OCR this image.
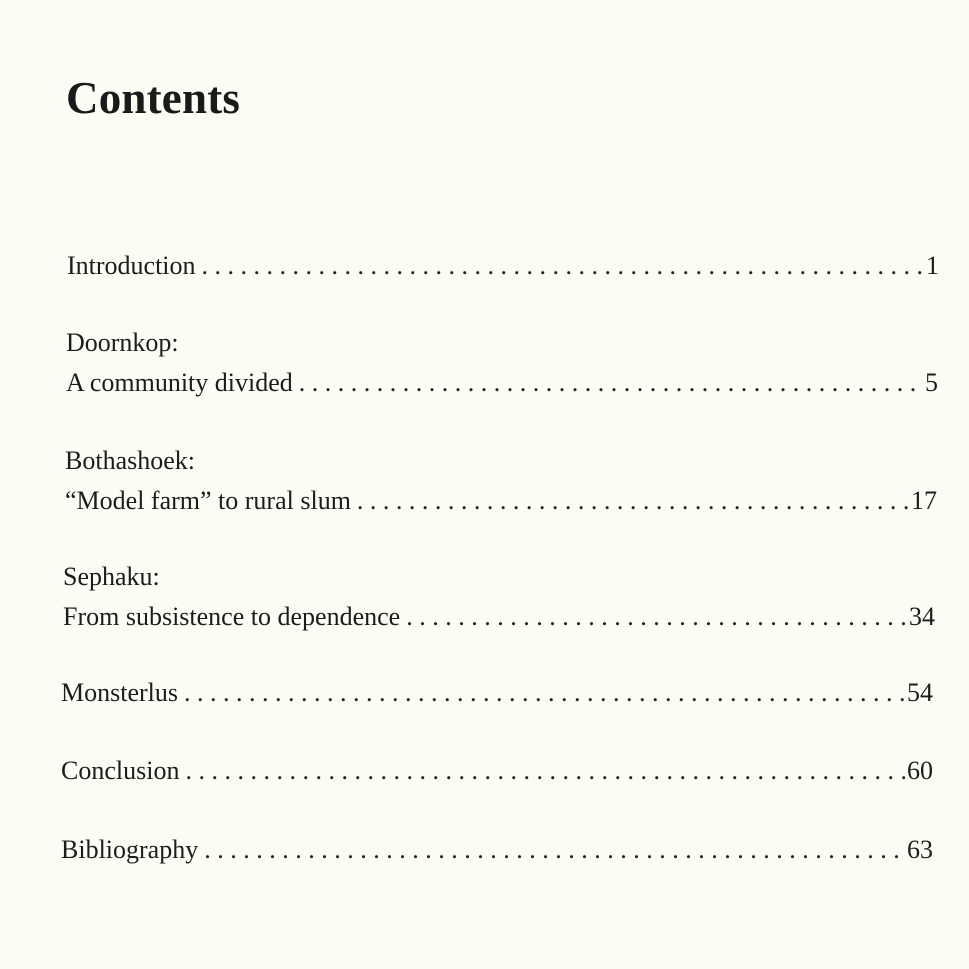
Contents
Introduction . . .	1
Doornkop:
A community divided . . .	5
Bothashoek:
“Model farm” to rural slum . . .	17
Sephaku:
From subsistence to dependence . . .	34
Monsterlus . . .	54
Conclusion . . .	60
Bibliography . . .	63
